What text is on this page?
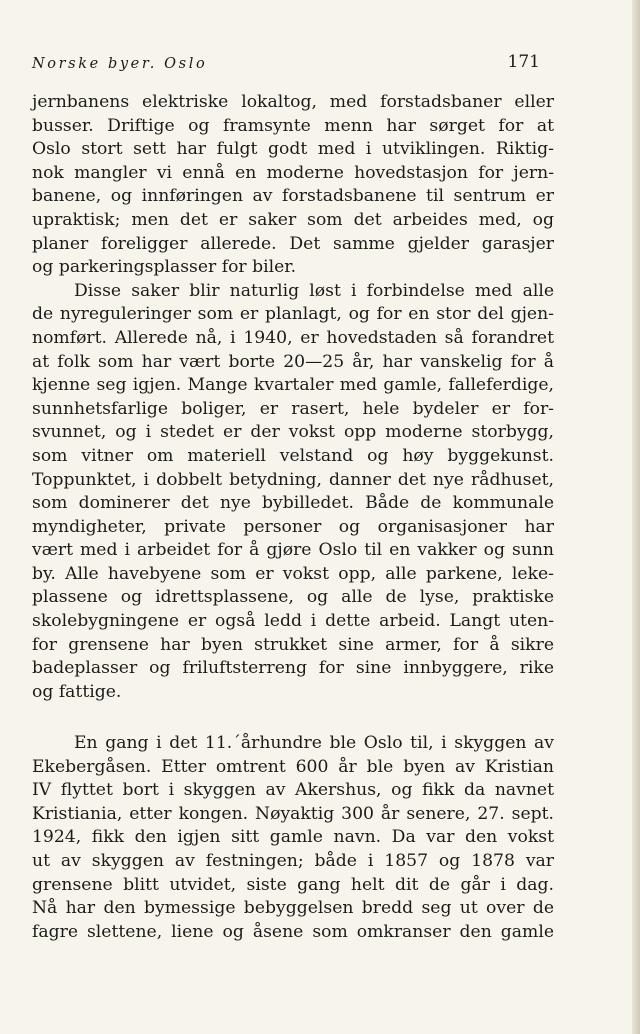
Norske byer. Oslo	171
jernbanens elektriske lokaltog, med forstadsbaner eller
busser. Driftige og framsynte menn har sørget for at
Oslo stort sett har fulgt godt med i utviklingen. Riktig-
nok mangler vi ennå en moderne hovedstasjon for jern-
banene, og innføringen av forstadsbanene til sentrum er
upraktisk; men det er saker som det arbeides med, og
planer foreligger allerede. Det samme gjelder garasjer
og parkeringsplasser for biler.
Disse saker blir naturlig løst i forbindelse med alle
de nyreguleringer som er planlagt, og for en stor del gjen-
nomført. Allerede nå, i 1940, er hovedstaden så forandret
at folk som har vært borte 20—25 år, har vanskelig for å
kjenne seg igjen. Mange kvartaler med gamle, falleferdige,
sunnhetsfarlige boliger, er rasert, hele bydeler er for-
svunnet, og i stedet er der vokst opp moderne storbygg,
som vitner om materiell velstand og høy byggekunst.
Toppunktet, i dobbelt betydning, danner det nye rådhuset,
som dominerer det nye bybilledet. Både de kommunale
myndigheter, private personer og organisasjoner har
vært med i arbeidet for å gjøre Oslo til en vakker og sunn
by. Alle havebyene som er vokst opp, alle parkene, leke-
plassene og idrettsplassene, og alle de lyse, praktiske
skolebygningene er også ledd i dette arbeid. Langt uten-
for grensene har byen strukket sine armer, for å sikre
badeplasser og friluftsterreng for sine innbyggere, rike
og fattige.
En gang i det 11.´århundre ble Oslo til, i skyggen av
Ekebergåsen. Etter omtrent 600 år ble byen av Kristian
IV flyttet bort i skyggen av Akershus, og fikk da navnet
Kristiania, etter kongen. Nøyaktig 300 år senere, 27. sept.
1924, fikk den igjen sitt gamle navn. Da var den vokst
ut av skyggen av festningen; både i 1857 og 1878 var
grensene blitt utvidet, siste gang helt dit de går i dag.
Nå har den bymessige bebyggelsen bredd seg ut over de
fagre slettene, liene og åsene som omkranser den gamle
